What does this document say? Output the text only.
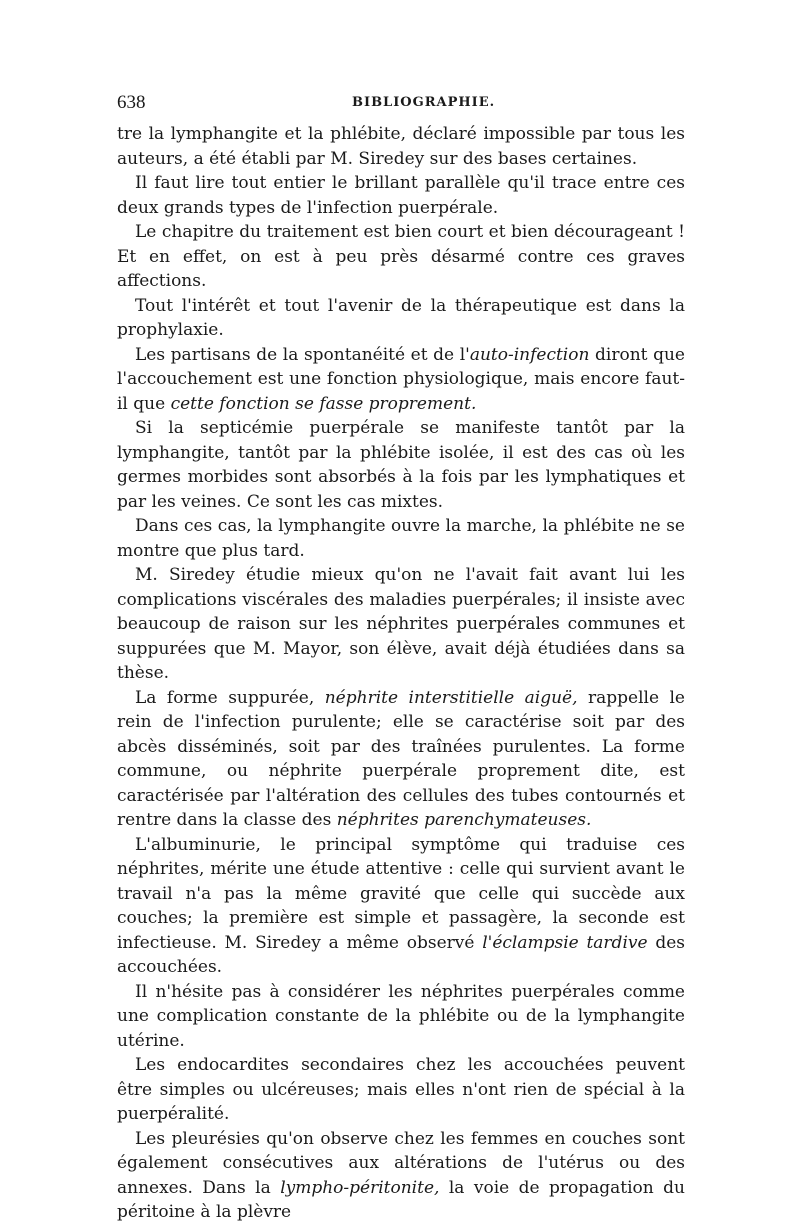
638	BIBLIOGRAPHIE.

tre la lymphangite et la phlébite, déclaré impossible par tous les auteurs, a été établi par M. Siredey sur des bases certaines.

Il faut lire tout entier le brillant parallèle qu'il trace entre ces deux grands types de l'infection puerpérale.

Le chapitre du traitement est bien court et bien décourageant ! Et en effet, on est à peu près désarmé contre ces graves affections.

Tout l'intérêt et tout l'avenir de la thérapeutique est dans la prophylaxie.

Les partisans de la spontanéité et de l'auto-infection diront que l'accouchement est une fonction physiologique, mais encore faut-il que cette fonction se fasse proprement.

Si la septicémie puerpérale se manifeste tantôt par la lymphangite, tantôt par la phlébite isolée, il est des cas où les germes morbides sont absorbés à la fois par les lymphatiques et par les veines. Ce sont les cas mixtes.

Dans ces cas, la lymphangite ouvre la marche, la phlébite ne se montre que plus tard.

M. Siredey étudie mieux qu'on ne l'avait fait avant lui les complications viscérales des maladies puerpérales; il insiste avec beaucoup de raison sur les néphrites puerpérales communes et suppurées que M. Mayor, son élève, avait déjà étudiées dans sa thèse.

La forme suppurée, néphrite interstitielle aiguë, rappelle le rein de l'infection purulente; elle se caractérise soit par des abcès disséminés, soit par des traînées purulentes. La forme commune, ou néphrite puerpérale proprement dite, est caractérisée par l'altération des cellules des tubes contournés et rentre dans la classe des néphrites parenchymateuses.

L'albuminurie, le principal symptôme qui traduise ces néphrites, mérite une étude attentive : celle qui survient avant le travail n'a pas la même gravité que celle qui succède aux couches; la première est simple et passagère, la seconde est infectieuse. M. Siredey a même observé l'éclampsie tardive des accouchées.

Il n'hésite pas à considérer les néphrites puerpérales comme une complication constante de la phlébite ou de la lymphangite utérine.

Les endocardites secondaires chez les accouchées peuvent être simples ou ulcéreuses; mais elles n'ont rien de spécial à la puerpéralité.

Les pleurésies qu'on observe chez les femmes en couches sont également consécutives aux altérations de l'utérus ou des annexes. Dans la lympho-péritonite, la voie de propagation du péritoine à la plèvre
